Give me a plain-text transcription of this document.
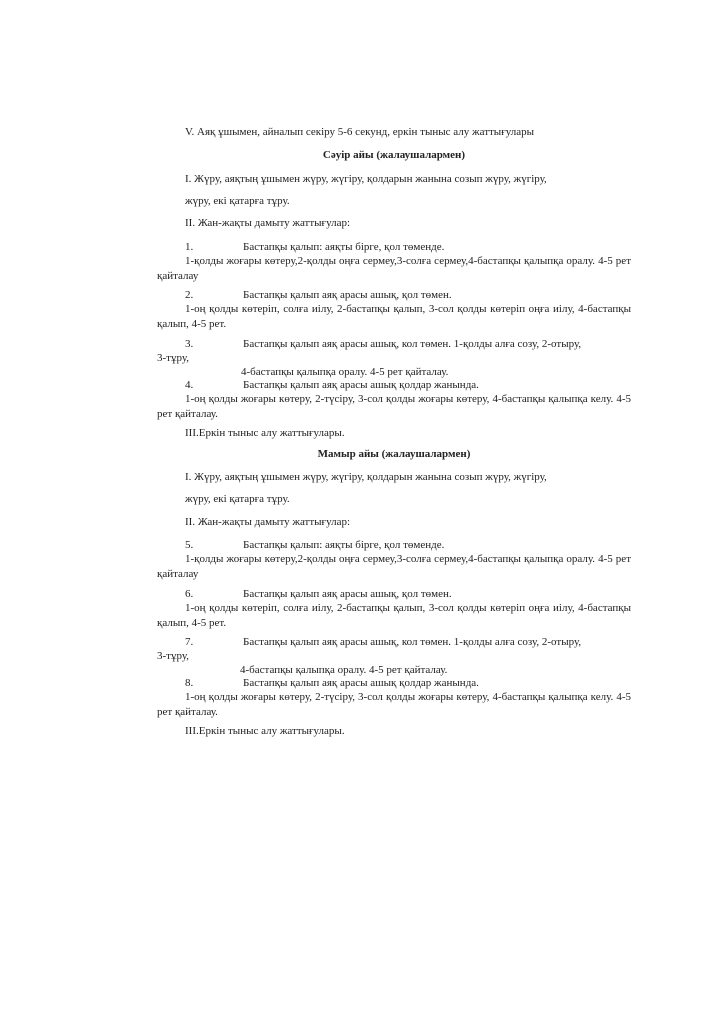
V. Аяқ ұшымен, айналып секіру 5-6 секунд, еркін тыныс алу жаттығулары
Сәуір айы (жалаушалармен)
I. Жүру, аяқтың ұшымен жүру, жүгіру, қолдарын жанына созып жүру, жүгіру,
жүру, екі қатарға тұру.
II. Жан-жақты дамыту жаттығулар:
1.	Бастапқы қалып: аяқты бірге, қол төменде.
1-қолды жоғары көтеру,2-қолды оңға сермеу,3-солға сермеу,4-бастапқы қалыпқа оралу. 4-5 рет қайталау
2.	Бастапқы қалып аяқ арасы ашық, қол төмен.
1-оң қолды көтеріп, солға иілу, 2-бастапқы қалып, 3-сол қолды көтеріп оңға иілу, 4-бастапқы қалып, 4-5 рет.
3.	Бастапқы қалып аяқ арасы ашық, кол төмен. 1-қолды алға созу, 2-отыру,
3-тұру,
4-бастапқы қалыпқа оралу. 4-5 рет қайталау.
4.	Бастапқы қалып аяқ арасы ашық қолдар жанында.
1-оң қолды жоғары көтеру, 2-түсіру, 3-сол қолды жоғары көтеру, 4-бастапқы қалыпқа келу. 4-5 рет қайталау.
III.Еркін тыныс алу жаттығулары.
Мамыр айы (жалаушалармен)
I. Жүру, аяқтың ұшымен жүру, жүгіру, қолдарын жанына созып жүру, жүгіру,
жүру, екі қатарға тұру.
II. Жан-жақты дамыту жаттығулар:
5.	Бастапқы қалып: аяқты бірге, қол төменде.
1-қолды жоғары көтеру,2-қолды оңға сермеу,3-солға сермеу,4-бастапқы қалыпқа оралу. 4-5 рет қайталау
6.	Бастапқы қалып аяқ арасы ашық, қол төмен.
1-оң қолды көтеріп, солға иілу, 2-бастапқы қалып, 3-сол қолды көтеріп оңға иілу, 4-бастапқы қалып, 4-5 рет.
7.	Бастапқы қалып аяқ арасы ашық, кол төмен. 1-қолды алға созу, 2-отыру,
3-тұру,
4-бастапқы қалыпқа оралу. 4-5 рет қайталау.
8.	Бастапқы қалып аяқ арасы ашық қолдар жанында.
1-оң қолды жоғары көтеру, 2-түсіру, 3-сол қолды жоғары көтеру, 4-бастапқы қалыпқа келу. 4-5 рет қайталау.
III.Еркін тыныс алу жаттығулары.
